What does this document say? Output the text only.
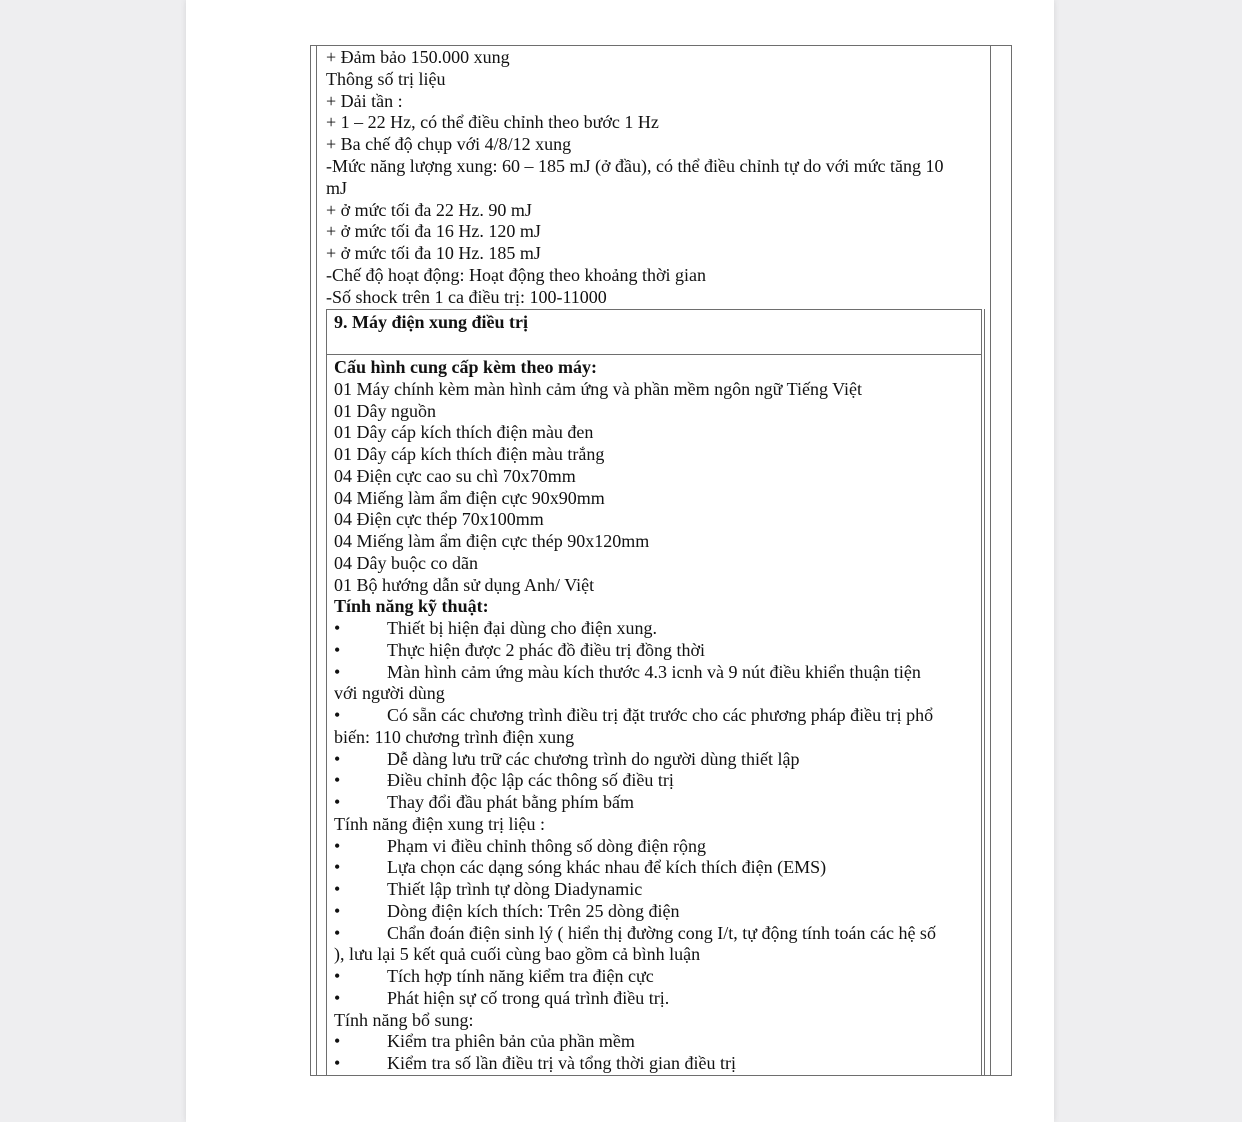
+ Đảm bảo 150.000 xung
Thông số trị liệu
+ Dải tần :
+ 1 – 22 Hz, có thể điều chỉnh theo bước 1 Hz
+ Ba chế độ chụp với 4/8/12 xung
-Mức năng lượng xung: 60 – 185 mJ (ở đầu), có thể điều chỉnh tự do với mức tăng 10
mJ
+ ở mức tối đa 22 Hz. 90 mJ
+ ở mức tối đa 16 Hz. 120 mJ
+ ở mức tối đa 10 Hz. 185 mJ
-Chế độ hoạt động: Hoạt động theo khoảng thời gian
-Số shock trên 1 ca điều trị: 100-11000
9. Máy điện xung điều trị
Cấu hình cung cấp kèm theo máy:
01 Máy chính kèm màn hình cảm ứng và phần mềm ngôn ngữ Tiếng Việt
01 Dây nguồn
01 Dây cáp kích thích điện màu đen
01 Dây cáp kích thích điện màu trắng
04 Điện cực cao su chì 70x70mm
04 Miếng làm ẩm điện cực 90x90mm
04 Điện cực thép 70x100mm
04 Miếng làm ẩm điện cực thép 90x120mm
04 Dây buộc co dãn
01 Bộ hướng dẫn sử dụng Anh/ Việt
Tính năng kỹ thuật:
•	Thiết bị hiện đại dùng cho điện xung.
•	Thực hiện được 2 phác đồ điều trị đồng thời
•	Màn hình cảm ứng màu kích thước 4.3 icnh và 9 nút điều khiển thuận tiện
với người dùng
•	Có sẵn các chương trình điều trị đặt trước cho các phương pháp điều trị phổ
biến: 110 chương trình điện xung
•	Dễ dàng lưu trữ các chương trình do người dùng thiết lập
•	Điều chỉnh độc lập các thông số điều trị
•	Thay đổi đầu phát bằng phím bấm
Tính năng điện xung trị liệu :
•	Phạm vi điều chỉnh thông số dòng điện rộng
•	Lựa chọn các dạng sóng khác nhau để kích thích điện (EMS)
•	Thiết lập trình tự dòng Diadynamic
•	Dòng điện kích thích: Trên 25 dòng điện
•	Chẩn đoán điện sinh lý ( hiển thị đường cong I/t, tự động tính toán các hệ số
), lưu lại 5 kết quả cuối cùng bao gồm cả bình luận
•	Tích hợp tính năng kiểm tra điện cực
•	Phát hiện sự cố trong quá trình điều trị.
Tính năng bổ sung:
•	Kiểm tra phiên bản của phần mềm
•	Kiểm tra số lần điều trị và tổng thời gian điều trị
